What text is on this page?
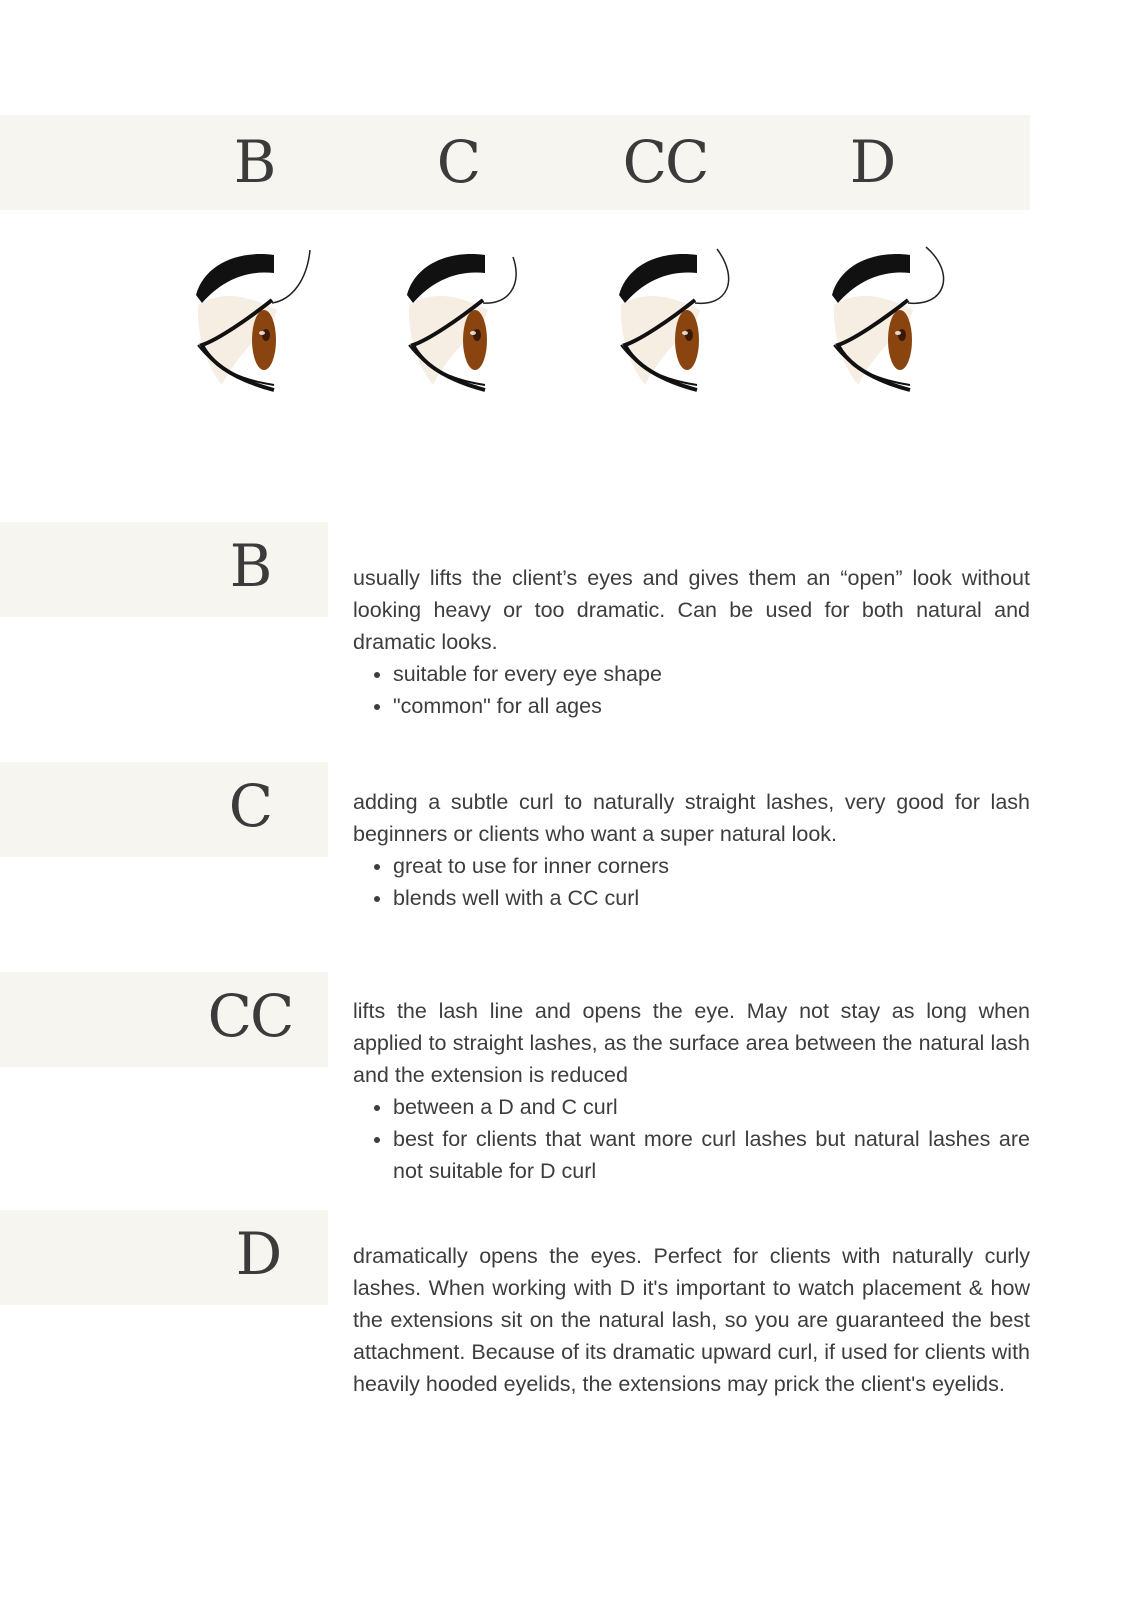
B	C	CC	D
B	usually lifts the client’s eyes and gives them an “open” look without looking heavy or too dramatic. Can be used for both natural and dramatic looks.

• suitable for every eye shape
• "common" for all ages
C	adding a subtle curl to naturally straight lashes, very good for lash beginners or clients who want a super natural look.

• great to use for inner corners
• blends well with a CC curl
CC	lifts the lash line and opens the eye. May not stay as long when applied to straight lashes, as the surface area between the natural lash and the extension is reduced

• between a D and C curl
• best for clients that want more curl lashes but natural lashes are not suitable for D curl
D	dramatically opens the eyes. Perfect for clients with naturally curly lashes. When working with D it's important to watch placement & how the extensions sit on the natural lash, so you are guaranteed the best attachment. Because of its dramatic upward curl, if used for clients with heavily hooded eyelids, the extensions may prick the client's eyelids.
